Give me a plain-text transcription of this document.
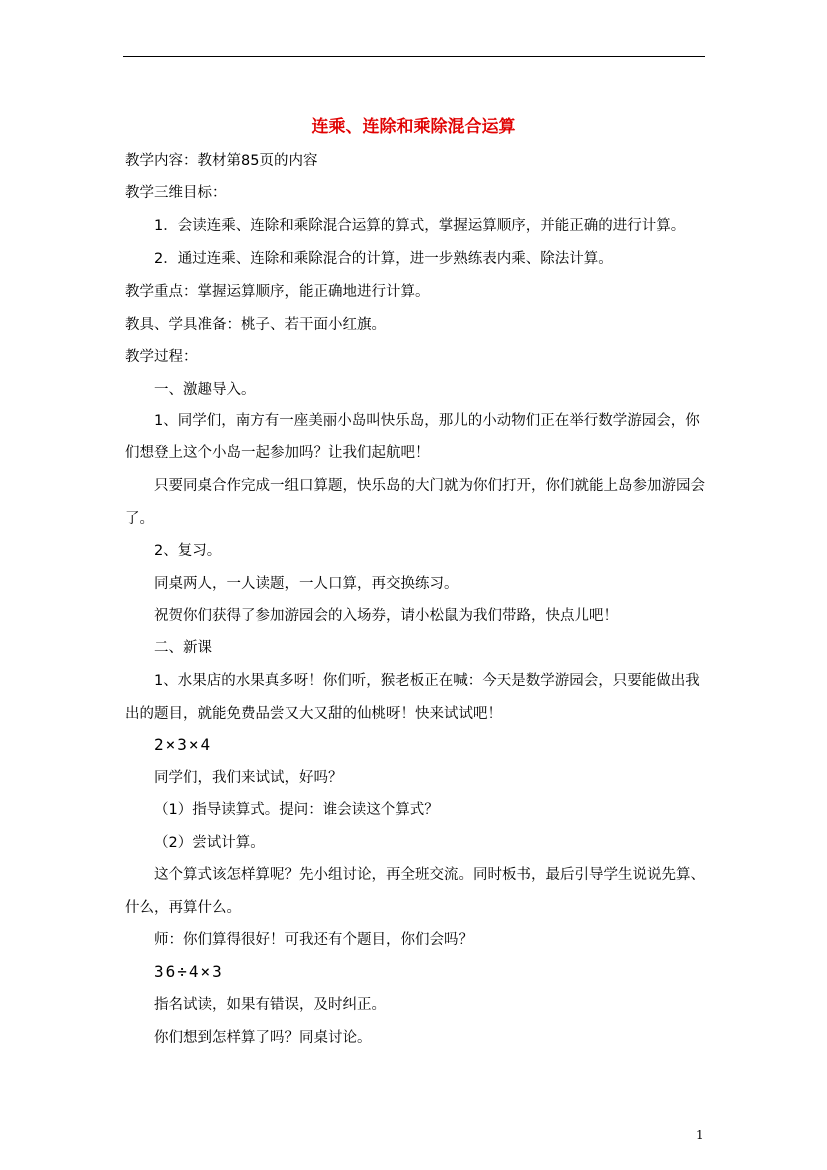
连乘、连除和乘除混合运算
教学内容：教材第85页的内容
教学三维目标：
1．会读连乘、连除和乘除混合运算的算式，掌握运算顺序，并能正确的进行计算。
2．通过连乘、连除和乘除混合的计算，进一步熟练表内乘、除法计算。
教学重点：掌握运算顺序，能正确地进行计算。
教具、学具准备：桃子、若干面小红旗。
教学过程：
一、激趣导入。
1、同学们，南方有一座美丽小岛叫快乐岛，那儿的小动物们正在举行数学游园会，你
们想登上这个小岛一起参加吗？让我们起航吧！
只要同桌合作完成一组口算题，快乐岛的大门就为你们打开，你们就能上岛参加游园会
了。
2、复习。
同桌两人，一人读题，一人口算，再交换练习。
祝贺你们获得了参加游园会的入场券，请小松鼠为我们带路，快点儿吧！
二、新课
1、水果店的水果真多呀！你们听，猴老板正在喊：今天是数学游园会，只要能做出我
出的题目，就能免费品尝又大又甜的仙桃呀！快来试试吧！
2×3×4
同学们，我们来试试，好吗？
（1）指导读算式。提问：谁会读这个算式？
（2）尝试计算。
这个算式该怎样算呢？先小组讨论，再全班交流。同时板书，最后引导学生说说先算、
什么，再算什么。
师：你们算得很好！可我还有个题目，你们会吗？
36÷4×3
指名试读，如果有错误，及时纠正。
你们想到怎样算了吗？同桌讨论。
1
